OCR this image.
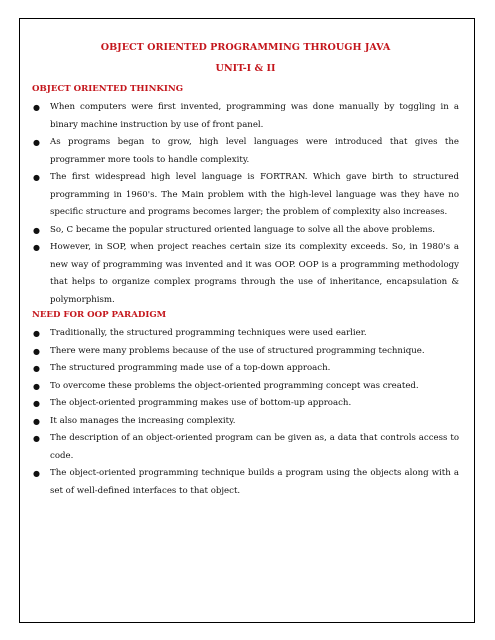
OBJECT ORIENTED PROGRAMMING THROUGH JAVA

UNIT-I & II

OBJECT ORIENTED THINKING
● When computers were first invented, programming was done manually by toggling in a binary machine instruction by use of front panel.
● As programs began to grow, high level languages were introduced that gives the programmer more tools to handle complexity.
● The first widespread high level language is FORTRAN. Which gave birth to structured programming in 1960's. The Main problem with the high-level language was they have no specific structure and programs becomes larger; the problem of complexity also increases.
● So, C became the popular structured oriented language to solve all the above problems.
● However, in SOP, when project reaches certain size its complexity exceeds. So, in 1980's a new way of programming was invented and it was OOP. OOP is a programming methodology that helps to organize complex programs through the use of inheritance, encapsulation & polymorphism.
NEED FOR OOP PARADIGM
● Traditionally, the structured programming techniques were used earlier.
● There were many problems because of the use of structured programming technique.
● The structured programming made use of a top-down approach.
● To overcome these problems the object-oriented programming concept was created.
● The object-oriented programming makes use of bottom-up approach.
● It also manages the increasing complexity.
● The description of an object-oriented program can be given as, a data that controls access to code.
● The object-oriented programming technique builds a program using the objects along with a set of well-defined interfaces to that object.
